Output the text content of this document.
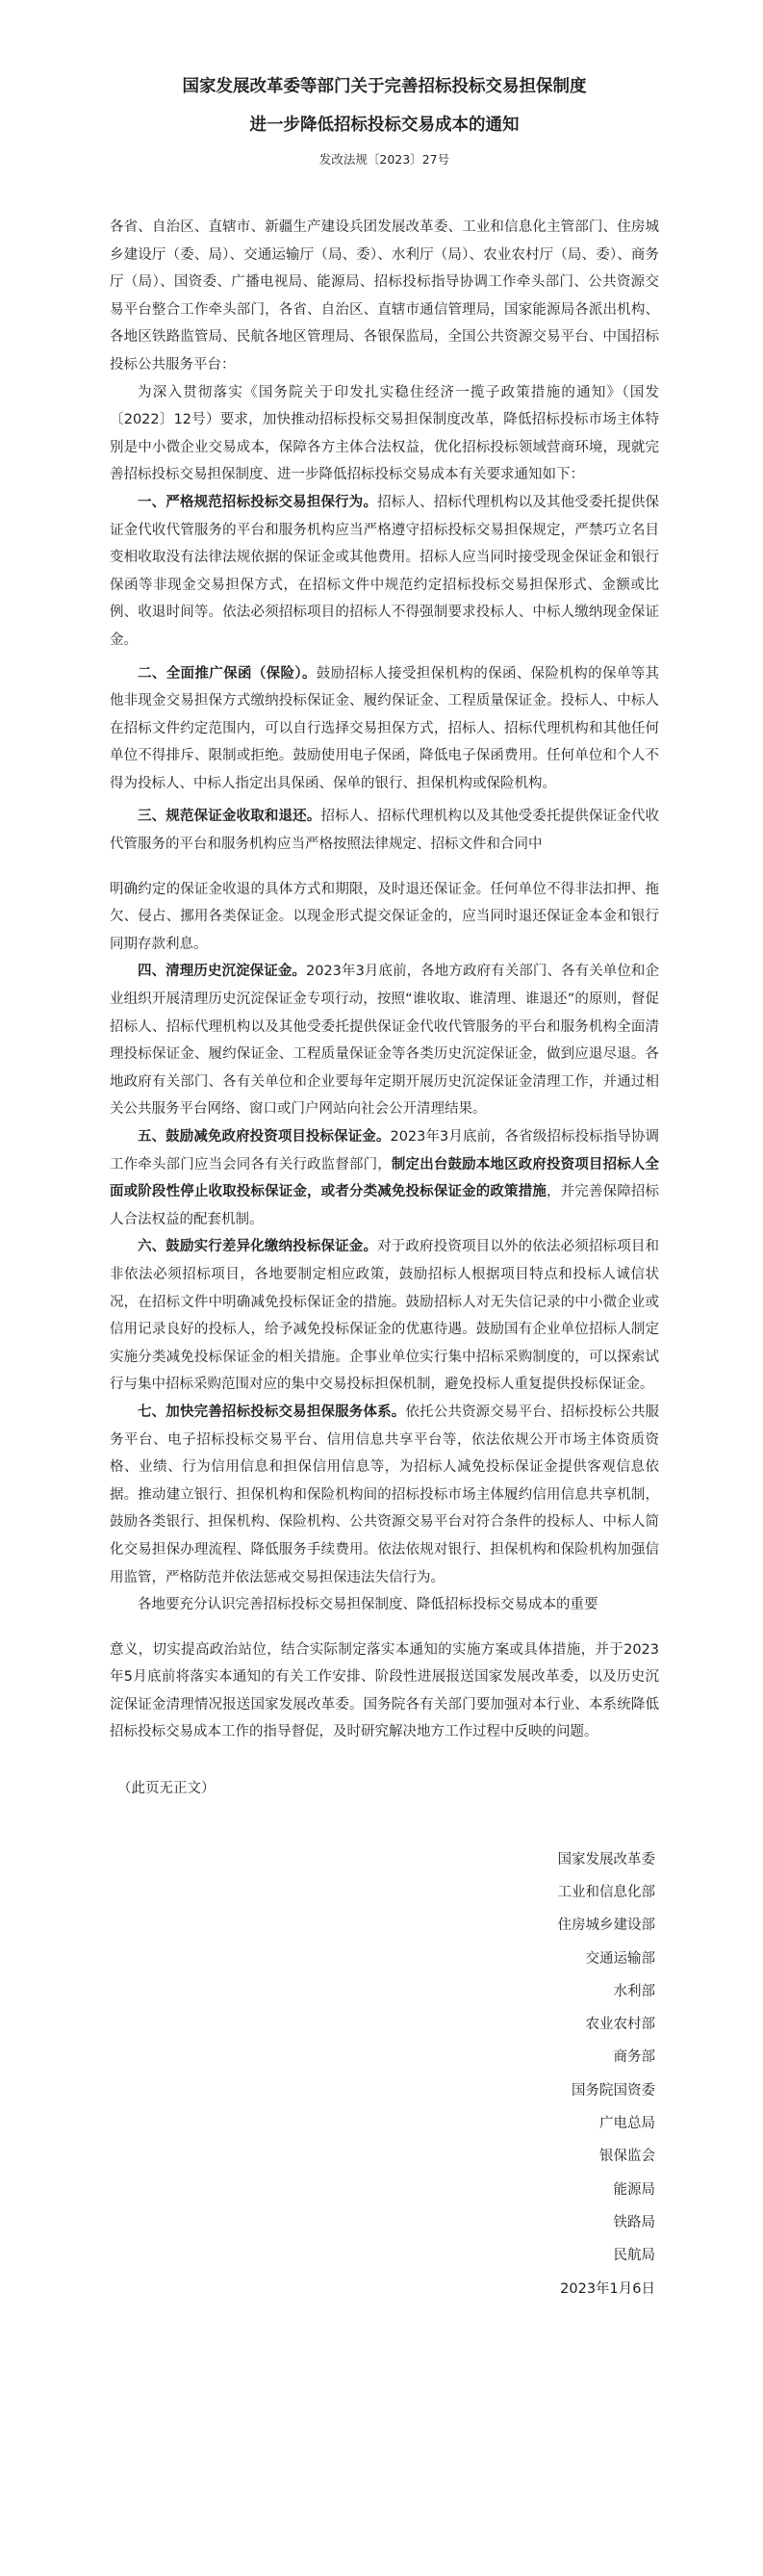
国家发展改革委等部门关于完善招标投标交易担保制度

进一步降低招标投标交易成本的通知

发改法规〔2023〕27号

各省、自治区、直辖市、新疆生产建设兵团发展改革委、工业和信息化主管部门、住房城乡建设厅（委、局）、交通运输厅（局、委）、水利厅（局）、农业农村厅（局、委）、商务厅（局）、国资委、广播电视局、能源局、招标投标指导协调工作牵头部门、公共资源交易平台整合工作牵头部门，各省、自治区、直辖市通信管理局，国家能源局各派出机构、各地区铁路监管局、民航各地区管理局、各银保监局，全国公共资源交易平台、中国招标投标公共服务平台：

为深入贯彻落实《国务院关于印发扎实稳住经济一揽子政策措施的通知》（国发〔2022〕12号）要求，加快推动招标投标交易担保制度改革，降低招标投标市场主体特别是中小微企业交易成本，保障各方主体合法权益，优化招标投标领域营商环境，现就完善招标投标交易担保制度、进一步降低招标投标交易成本有关要求通知如下：

一、严格规范招标投标交易担保行为。招标人、招标代理机构以及其他受委托提供保证金代收代管服务的平台和服务机构应当严格遵守招标投标交易担保规定，严禁巧立名目变相收取没有法律法规依据的保证金或其他费用。招标人应当同时接受现金保证金和银行保函等非现金交易担保方式，在招标文件中规范约定招标投标交易担保形式、金额或比例、收退时间等。依法必须招标项目的招标人不得强制要求投标人、中标人缴纳现金保证金。

二、全面推广保函（保险）。鼓励招标人接受担保机构的保函、保险机构的保单等其他非现金交易担保方式缴纳投标保证金、履约保证金、工程质量保证金。投标人、中标人在招标文件约定范围内，可以自行选择交易担保方式，招标人、招标代理机构和其他任何单位不得排斥、限制或拒绝。鼓励使用电子保函，降低电子保函费用。任何单位和个人不得为投标人、中标人指定出具保函、保单的银行、担保机构或保险机构。

三、规范保证金收取和退还。招标人、招标代理机构以及其他受委托提供保证金代收代管服务的平台和服务机构应当严格按照法律规定、招标文件和合同中

明确约定的保证金收退的具体方式和期限，及时退还保证金。任何单位不得非法扣押、拖欠、侵占、挪用各类保证金。以现金形式提交保证金的，应当同时退还保证金本金和银行同期存款利息。

四、清理历史沉淀保证金。2023年3月底前，各地方政府有关部门、各有关单位和企业组织开展清理历史沉淀保证金专项行动，按照“谁收取、谁清理、谁退还”的原则，督促招标人、招标代理机构以及其他受委托提供保证金代收代管服务的平台和服务机构全面清理投标保证金、履约保证金、工程质量保证金等各类历史沉淀保证金，做到应退尽退。各地政府有关部门、各有关单位和企业要每年定期开展历史沉淀保证金清理工作，并通过相关公共服务平台网络、窗口或门户网站向社会公开清理结果。

五、鼓励减免政府投资项目投标保证金。2023年3月底前，各省级招标投标指导协调工作牵头部门应当会同各有关行政监督部门，制定出台鼓励本地区政府投资项目招标人全面或阶段性停止收取投标保证金，或者分类减免投标保证金的政策措施，并完善保障招标人合法权益的配套机制。

六、鼓励实行差异化缴纳投标保证金。对于政府投资项目以外的依法必须招标项目和非依法必须招标项目，各地要制定相应政策，鼓励招标人根据项目特点和投标人诚信状况，在招标文件中明确减免投标保证金的措施。鼓励招标人对无失信记录的中小微企业或信用记录良好的投标人，给予减免投标保证金的优惠待遇。鼓励国有企业单位招标人制定实施分类减免投标保证金的相关措施。企事业单位实行集中招标采购制度的，可以探索试行与集中招标采购范围对应的集中交易投标担保机制，避免投标人重复提供投标保证金。

七、加快完善招标投标交易担保服务体系。依托公共资源交易平台、招标投标公共服务平台、电子招标投标交易平台、信用信息共享平台等，依法依规公开市场主体资质资格、业绩、行为信用信息和担保信用信息等，为招标人减免投标保证金提供客观信息依据。推动建立银行、担保机构和保险机构间的招标投标市场主体履约信用信息共享机制，鼓励各类银行、担保机构、保险机构、公共资源交易平台对符合条件的投标人、中标人简化交易担保办理流程、降低服务手续费用。依法依规对银行、担保机构和保险机构加强信用监管，严格防范并依法惩戒交易担保违法失信行为。

各地要充分认识完善招标投标交易担保制度、降低招标投标交易成本的重要

意义，切实提高政治站位，结合实际制定落实本通知的实施方案或具体措施，并于2023年5月底前将落实本通知的有关工作安排、阶段性进展报送国家发展改革委，以及历史沉淀保证金清理情况报送国家发展改革委。国务院各有关部门要加强对本行业、本系统降低招标投标交易成本工作的指导督促，及时研究解决地方工作过程中反映的问题。

（此页无正文）

国家发展改革委
工业和信息化部
住房城乡建设部
交通运输部
水利部
农业农村部
商务部
国务院国资委
广电总局
银保监会
能源局
铁路局
民航局
2023年1月6日
